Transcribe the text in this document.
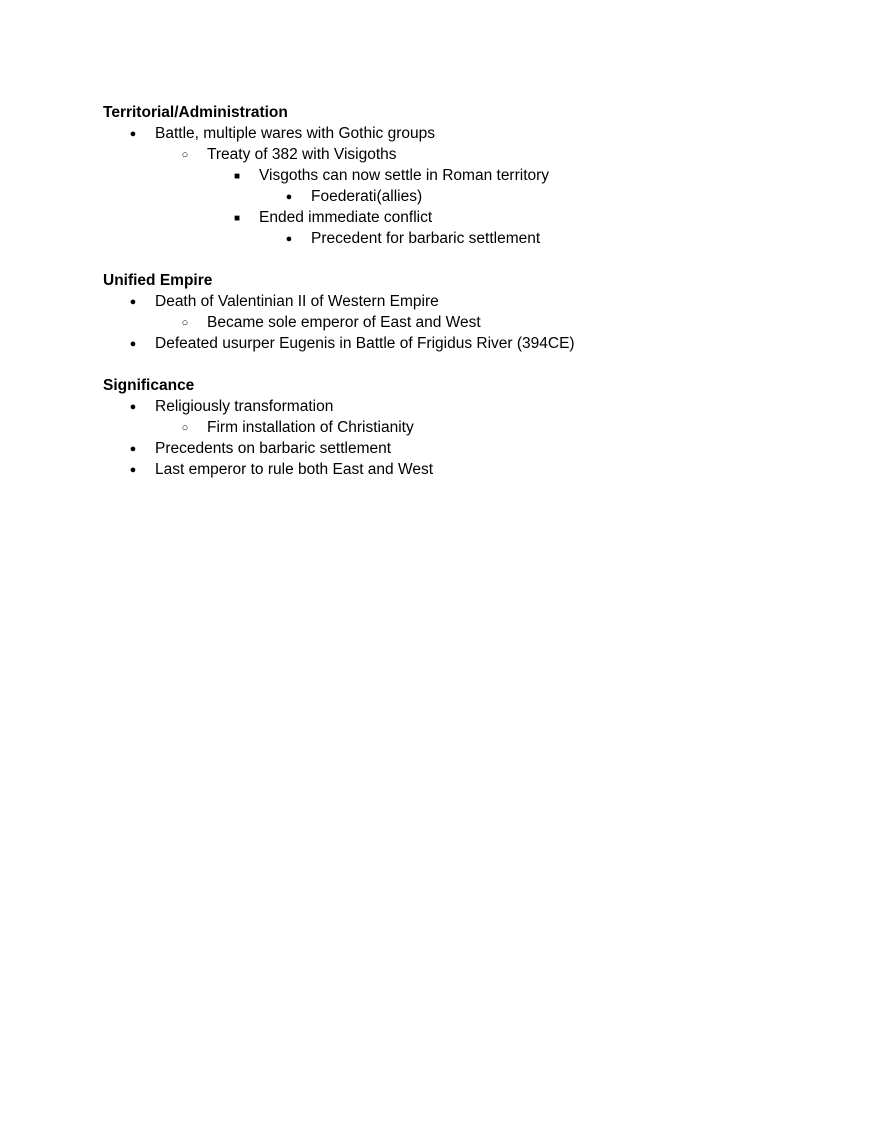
Territorial/Administration
●
Battle, multiple wares with Gothic groups
○
Treaty of 382 with Visigoths
■
Visgoths can now settle in Roman territory
●
Foederati(allies)
■
Ended immediate conflict
●
Precedent for barbaric settlement
Unified Empire
●
Death of Valentinian II of Western Empire
○
Became sole emperor of East and West
●
Defeated usurper Eugenis in Battle of Frigidus River (394CE)
Significance
●
Religiously transformation
○
Firm installation of Christianity
●
Precedents on barbaric settlement
●
Last emperor to rule both East and West
